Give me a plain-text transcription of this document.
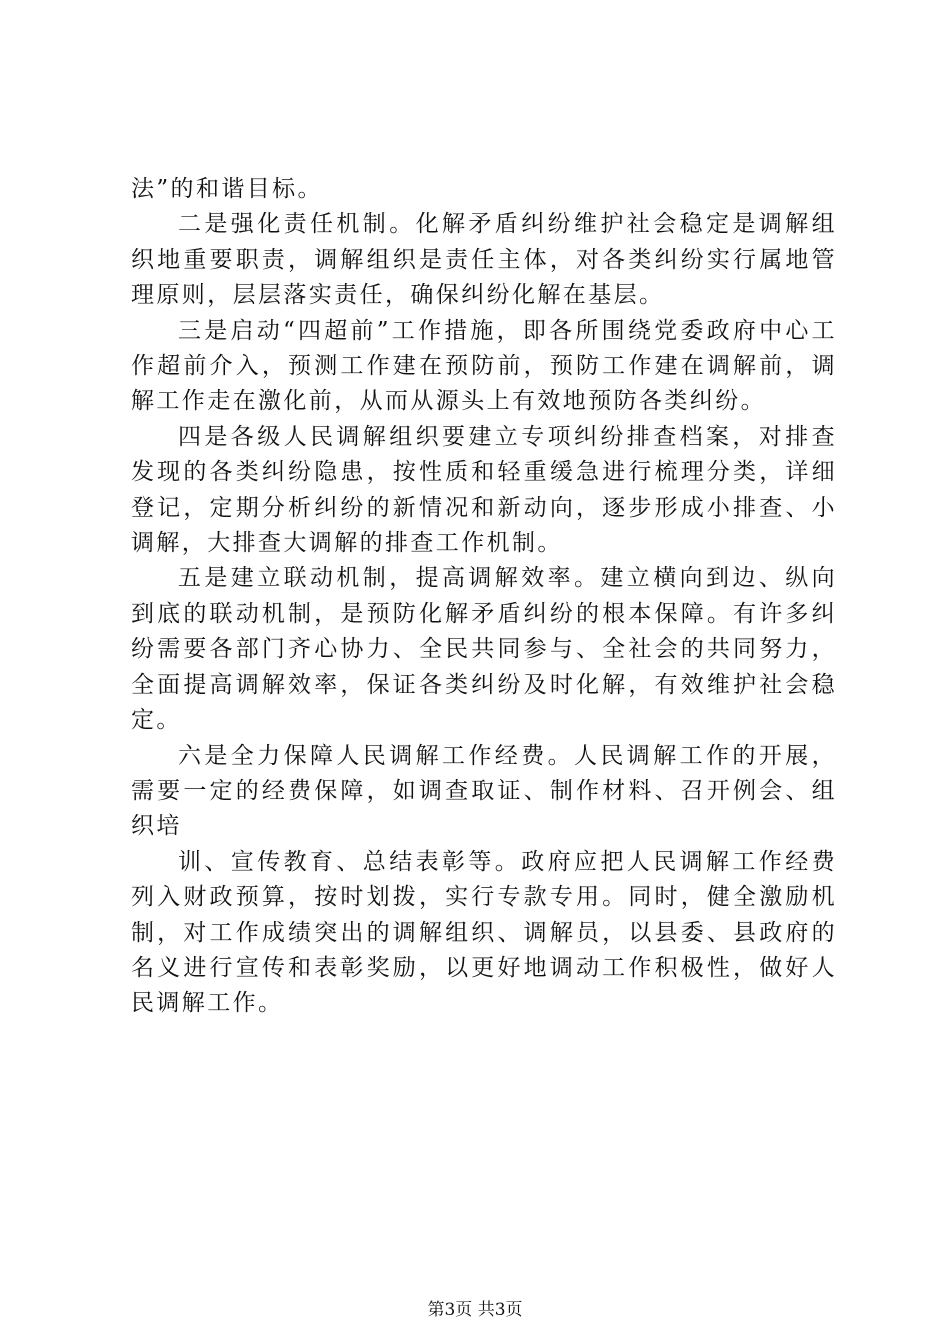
法”的和谐目标。

二是强化责任机制。化解矛盾纠纷维护社会稳定是调解组织地重要职责，调解组织是责任主体，对各类纠纷实行属地管理原则，层层落实责任，确保纠纷化解在基层。

三是启动“四超前”工作措施，即各所围绕党委政府中心工作超前介入，预测工作建在预防前，预防工作建在调解前，调解工作走在激化前，从而从源头上有效地预防各类纠纷。

四是各级人民调解组织要建立专项纠纷排查档案，对排查发现的各类纠纷隐患，按性质和轻重缓急进行梳理分类，详细登记，定期分析纠纷的新情况和新动向，逐步形成小排查、小调解，大排查大调解的排查工作机制。

五是建立联动机制，提高调解效率。建立横向到边、纵向到底的联动机制，是预防化解矛盾纠纷的根本保障。有许多纠纷需要各部门齐心协力、全民共同参与、全社会的共同努力，全面提高调解效率，保证各类纠纷及时化解，有效维护社会稳定。

六是全力保障人民调解工作经费。人民调解工作的开展，需要一定的经费保障，如调查取证、制作材料、召开例会、组织培

训、宣传教育、总结表彰等。政府应把人民调解工作经费列入财政预算，按时划拨，实行专款专用。同时，健全激励机制，对工作成绩突出的调解组织、调解员，以县委、县政府的名义进行宣传和表彰奖励，以更好地调动工作积极性，做好人民调解工作。

第3页 共3页
